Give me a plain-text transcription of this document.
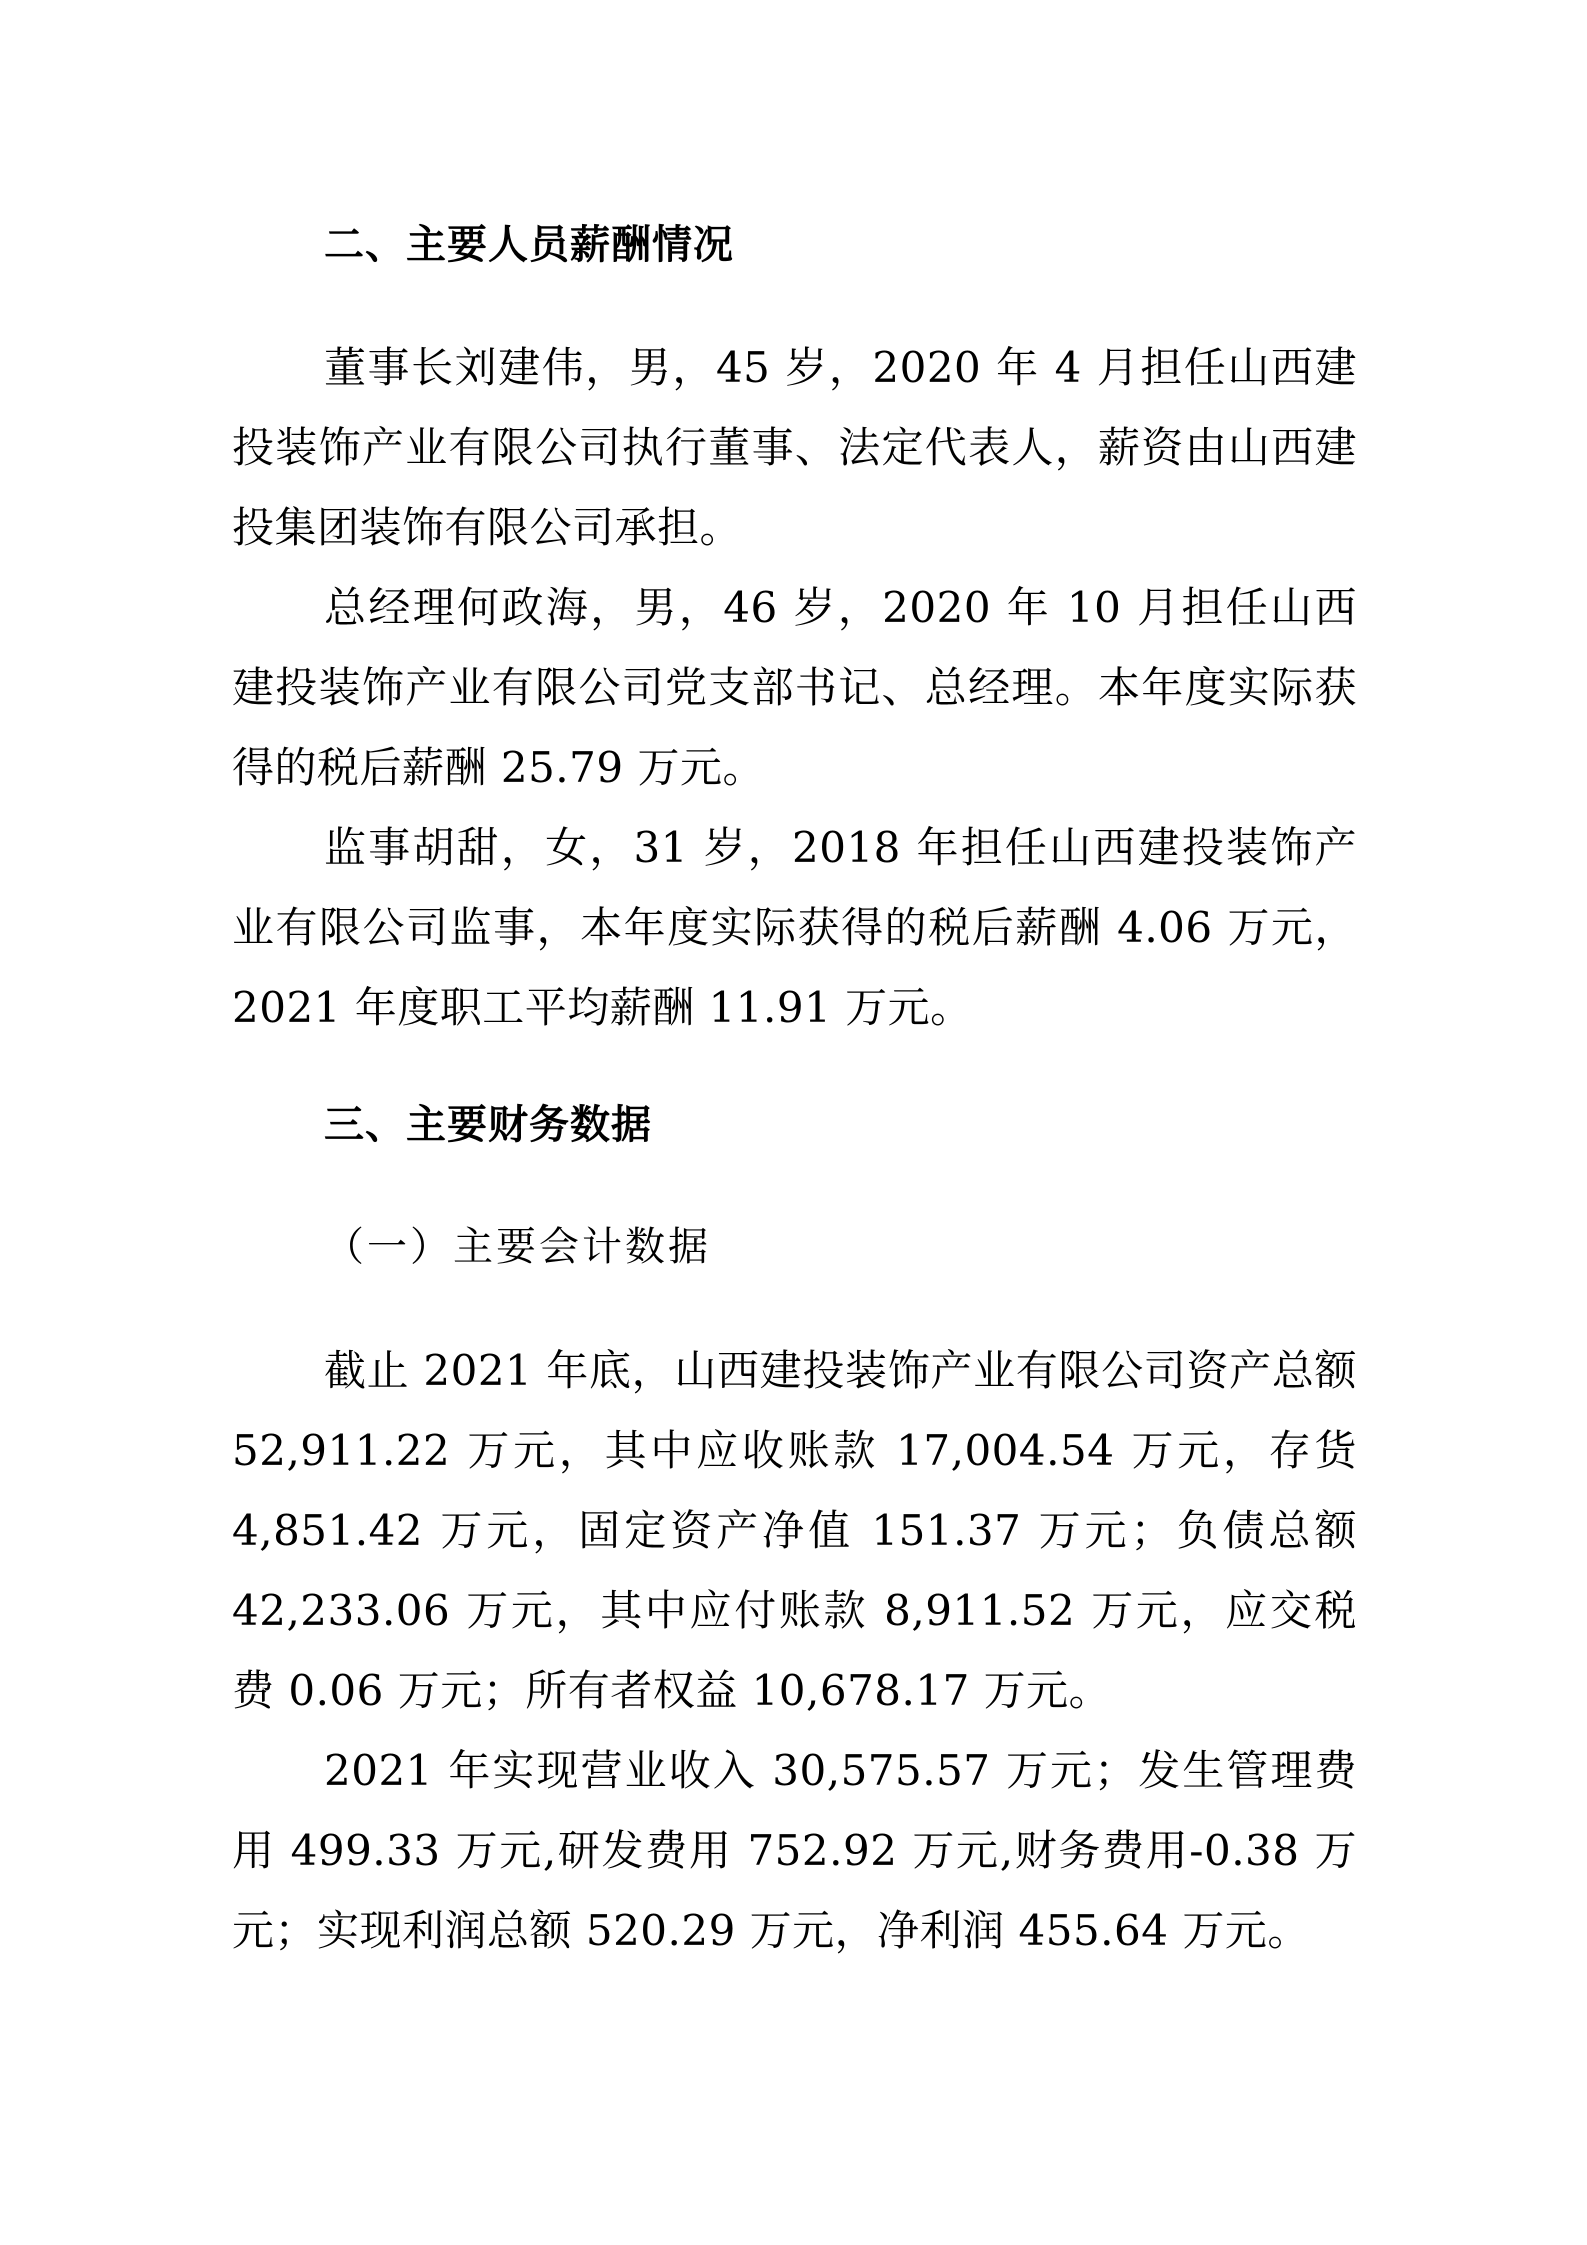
二、主要人员薪酬情况

董事长刘建伟，男，45 岁，2020 年 4 月担任山西建投装饰产业有限公司执行董事、法定代表人，薪资由山西建投集团装饰有限公司承担。

总经理何政海，男，46 岁，2020 年 10 月担任山西建投装饰产业有限公司党支部书记、总经理。本年度实际获得的税后薪酬 25.79 万元。

监事胡甜，女，31 岁，2018 年担任山西建投装饰产业有限公司监事，本年度实际获得的税后薪酬 4.06 万元，2021 年度职工平均薪酬 11.91 万元。

三、主要财务数据
（一）主要会计数据

截止 2021 年底，山西建投装饰产业有限公司资产总额 52,911.22 万元，其中应收账款 17,004.54 万元，存货 4,851.42 万元，固定资产净值 151.37 万元；负债总额 42,233.06 万元，其中应付账款 8,911.52 万元，应交税费 0.06 万元；所有者权益 10,678.17 万元。

2021 年实现营业收入 30,575.57 万元；发生管理费用 499.33 万元,研发费用 752.92 万元,财务费用-0.38 万元；实现利润总额 520.29 万元，净利润 455.64 万元。
